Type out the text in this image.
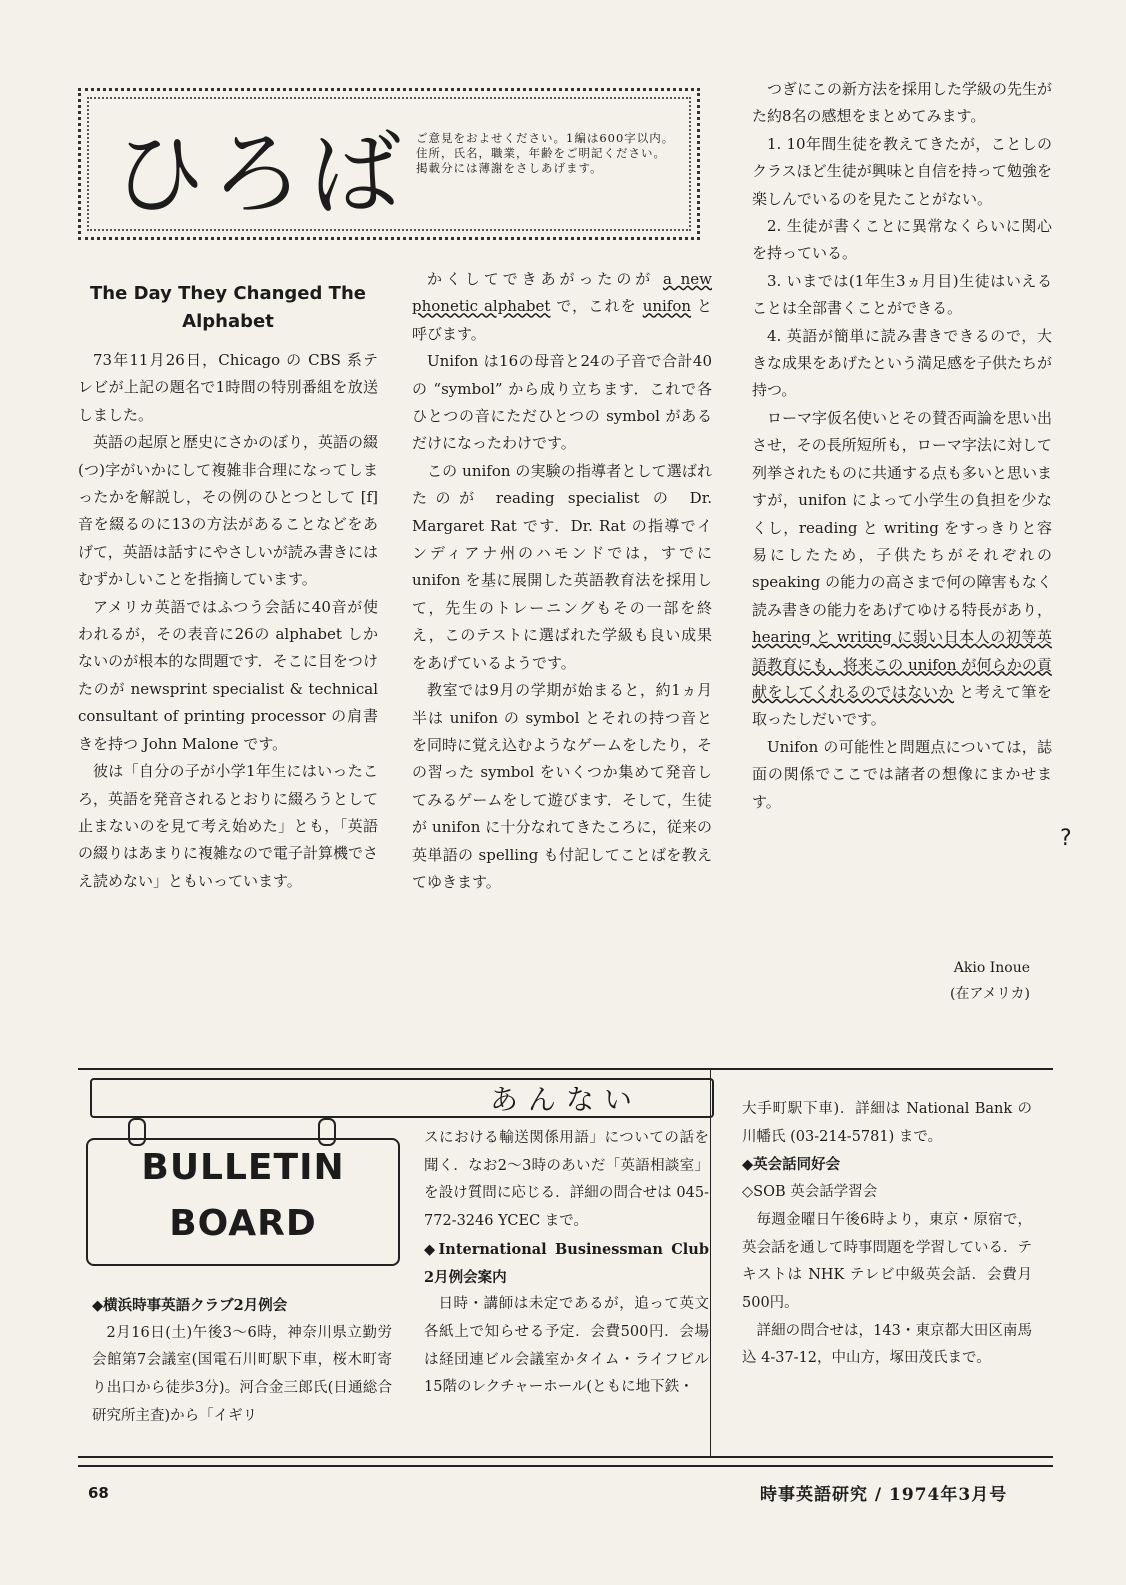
ひろば ご意見をおよせください。1編は600字以内。住所，氏名，職業，年齢をご明記ください。掲載分には薄謝をさしあげます。
The Day They Changed The Alphabet

73年11月26日，Chicago の CBS 系テレビが上記の題名で1時間の特別番組を放送しました。

英語の起原と歴史にさかのぼり，英語の綴(つ)字がいかにして複雑非合理になってしまったかを解説し，その例のひとつとして [f] 音を綴るのに13の方法があることなどをあげて，英語は話すにやさしいが読み書きにはむずかしいことを指摘しています。

アメリカ英語ではふつう会話に40音が使われるが，その表音に26の alphabet しかないのが根本的な問題です．そこに目をつけたのが newsprint specialist & technical consultant of printing processor の肩書きを持つ John Malone です。

彼は「自分の子が小学1年生にはいったころ，英語を発音されるとおりに綴ろうとして止まないのを見て考え始めた」とも，「英語の綴りはあまりに複雑なので電子計算機でさえ読めない」ともいっています。

かくしてできあがったのが a new phonetic alphabet で，これを unifon と呼びます。

Unifon は16の母音と24の子音で合計40の “symbol” から成り立ちます．これで各ひとつの音にただひとつの symbol があるだけになったわけです。

この unifon の実験の指導者として選ばれたのが reading specialist の Dr. Margaret Rat です．Dr. Rat の指導でインディアナ州のハモンドでは，すでに unifon を基に展開した英語教育法を採用して，先生のトレーニングもその一部を終え，このテストに選ばれた学級も良い成果をあげているようです。

教室では9月の学期が始まると，約1ヵ月半は unifon の symbol とそれの持つ音とを同時に覚え込むようなゲームをしたり，その習った symbol をいくつか集めて発音してみるゲームをして遊びます．そして，生徒が unifon に十分なれてきたころに，従来の英単語の spelling も付記してことばを教えてゆきます。

つぎにこの新方法を採用した学級の先生がた約8名の感想をまとめてみます。

1. 10年間生徒を教えてきたが，ことしのクラスほど生徒が興味と自信を持って勉強を楽しんでいるのを見たことがない。

2. 生徒が書くことに異常なくらいに関心を持っている。

3. いまでは(1年生3ヵ月目)生徒はいえることは全部書くことができる。

4. 英語が簡単に読み書きできるので，大きな成果をあげたという満足感を子供たちが持つ。

ローマ字仮名使いとその賛否両論を思い出させ，その長所短所も，ローマ字法に対して列挙されたものに共通する点も多いと思いますが，unifon によって小学生の負担を少なくし，reading と writing をすっきりと容易にしたため，子供たちがそれぞれの speaking の能力の高さまで何の障害もなく読み書きの能力をあげてゆける特長があり， hearing と writing に弱い日本人の初等英語教育にも，将来この unifon が何らかの貢献をしてくれるのではないか と考えて筆を取ったしだいです。

Unifon の可能性と問題点については，誌面の関係でここでは諸者の想像にまかせます。

?
Akio Inoue
(在アメリカ)
あんない
BULLETIN
BOARD

◆横浜時事英語クラブ2月例会

2月16日(土)午後3〜6時，神奈川県立勤労会館第7会議室(国電石川町駅下車，桜木町寄り出口から徒歩3分)。河合金三郎氏(日通総合研究所主査)から「イギリ

スにおける輸送関係用語」についての話を聞く．なお2〜3時のあいだ「英語相談室」を設け質問に応じる．詳細の問合せは 045-772-3246 YCEC まで。

◆International Businessman Club 2月例会案内

日時・講師は未定であるが，追って英文各紙上で知らせる予定．会費500円．会場は経団連ビル会議室かタイム・ライフビル15階のレクチャーホール(ともに地下鉄・

大手町駅下車)．詳細は National Bank の川幡氏 (03-214-5781) まで。

◆英会話同好会

◇SOB 英会話学習会

毎週金曜日午後6時より，東京・原宿で，英会話を通して時事問題を学習している．テキストは NHK テレビ中級英会話．会費月500円。

詳細の問合せは，143・東京都大田区南馬込 4-37-12，中山方，塚田茂氏まで。

68	時事英語研究 / 1974年3月号
